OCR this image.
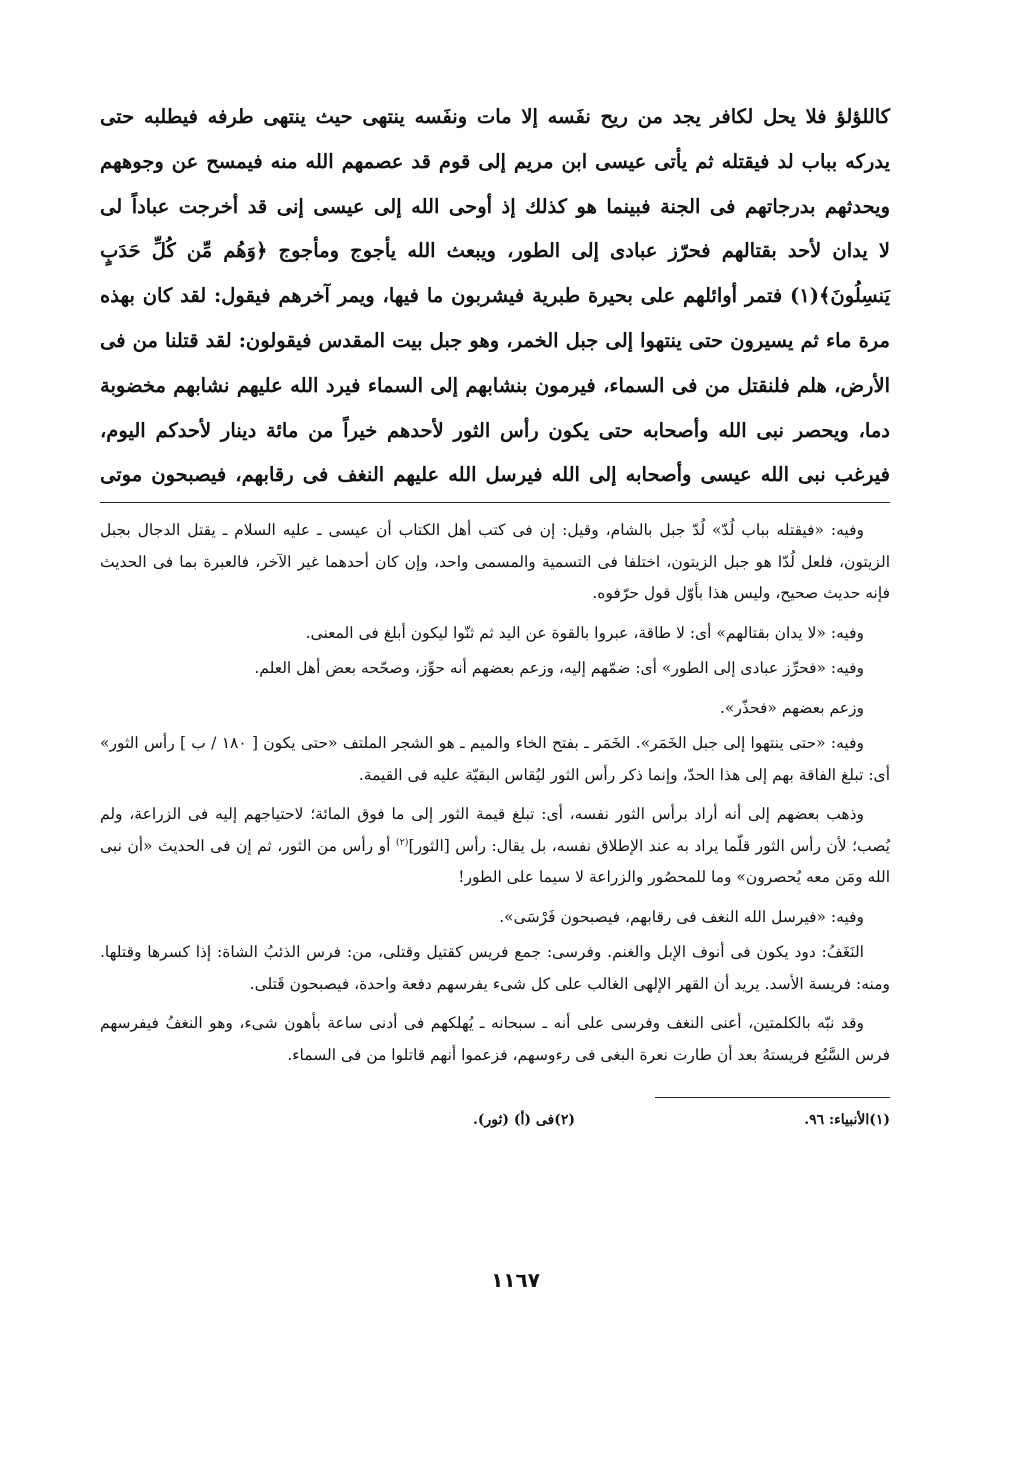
كاللؤلؤ فلا يحل لكافر يجد من ريح نفَسه إلا مات ونفَسه ينتهى حيث ينتهى طرفه فيطلبه حتى

يدركه بباب لد فيقتله ثم يأتى عيسى ابن مريم إلى قوم قد عصمهم الله منه فيمسح عن وجوههم

ويحدثهم بدرجاتهم فى الجنة فبينما هو كذلك إذ أوحى الله إلى عيسى إنى قد أخرجت عباداً لى

لا يدان لأحد بقتالهم فحرّز عبادى إلى الطور، ويبعث الله يأجوج ومأجوج ﴿وَهُم مِّن كُلِّ حَدَبٍ

يَنسِلُونَ﴾(١) فتمر أوائلهم على بحيرة طبرية فيشربون ما فيها، ويمر آخرهم فيقول: لقد كان بهذه

مرة ماء ثم يسيرون حتى ينتهوا إلى جبل الخمر، وهو جبل بيت المقدس فيقولون: لقد قتلنا من فى

الأرض، هلم فلنقتل من فى السماء، فيرمون بنشابهم إلى السماء فيرد الله عليهم نشابهم مخضوبة

دما، ويحصر نبى الله وأصحابه حتى يكون رأس الثور لأحدهم خيراً من مائة دينار لأحدكم اليوم،

فيرغب نبى الله عيسى وأصحابه إلى الله فيرسل الله عليهم النغف فى رقابهم، فيصبحون موتى

وفيه: «فيقتله بباب لُدّ» لُدّ جبل بالشام، وقيل: إن فى كتب أهل الكتاب أن عيسى ـ عليه السلام ـ يقتل الدجال بجبل الزيتون، فلعل لُدّا هو جبل الزيتون، اختلفا فى التسمية والمسمى واحد، وإن كان أحدهما غير الآخر، فالعبرة بما فى الحديث فإنه حديث صحيح، وليس هذا بأوّل قول حرّفوه.

وفيه: «لا يدان بقتالهم» أى: لا طاقة، عبروا بالقوة عن اليد ثم ثنّوا ليكون أبلغ فى المعنى.

وفيه: «فحرِّز عبادى إلى الطور» أى: ضمّهم إليه، وزعم بعضهم أنه حوِّز، وصحّحه بعض أهل العلم.

وزعم بعضهم «فحذّر».

وفيه: «حتى ينتهوا إلى جبل الخَمَر». الخَمَر ـ بفتح الخاء والميم ـ هو الشجر الملتف «حتى يكون [ ١٨٠ / ب ] رأس الثور» أى: تبلغ الفاقة بهم إلى هذا الحدّ، وإنما ذكر رأس الثور ليُقاس البقيّة عليه فى القيمة.

وذهب بعضهم إلى أنه أراد برأس الثور نفسه، أى: تبلغ قيمة الثور إلى ما فوق المائة؛ لاحتياجهم إليه فى الزراعة، ولم يُصب؛ لأن رأس الثور قلّما يراد به عند الإطلاق نفسه، بل يقال: رأس [الثور]$^{(٢)}$ أو رأس من الثور، ثم إن فى الحديث «أن نبى الله ومَن معه يُحصرون» وما للمحصُور والزراعة لا سيما على الطور!

وفيه: «فيرسل الله النغف فى رقابهم، فيصبحون فَرْسَى».

النَغَفُ: دود يكون فى أنوف الإبل والغنم. وفرسى: جمع فريس كقتيل وقتلى، من: فرس الذئبُ الشاة: إذا كسرها وقتلها. ومنه: فريسة الأسد. يريد أن القهر الإلهى الغالب على كل شىء يفرسهم دفعة واحدة، فيصبحون قَتلى.

وقد نبّه بالكلمتين، أعنى النغف وفرسى على أنه ـ سبحانه ـ يُهلكهم فى أدنى ساعة بأهون شىء، وهو النغفُ فيفرسهم فرس السَّبُع فريستهُ بعد أن طارت نعرة البغى فى رءوسهم، فزعموا أنهم قاتلوا من فى السماء.

(١)الأنبياء: ٩٦.
(٢)فى (أ) (ثور).
١١٦٧
